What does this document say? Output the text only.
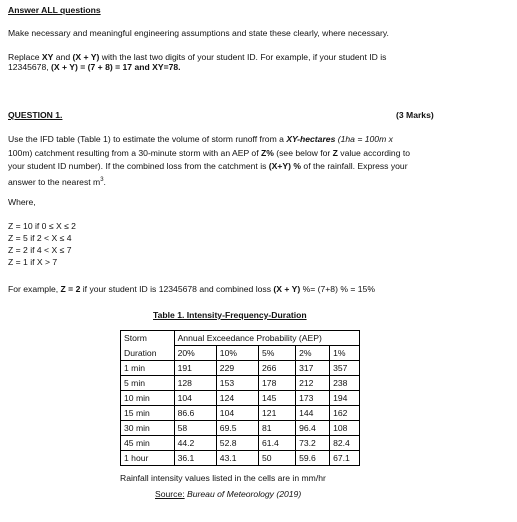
Answer ALL questions

Make necessary and meaningful engineering assumptions and state these clearly, where necessary.

Replace XY and (X + Y) with the last two digits of your student ID. For example, if your student ID is
12345678, (X + Y) = (7 + 8) = 17 and XY=78.

QUESTION 1.	(3 Marks)

Use the IFD table (Table 1) to estimate the volume of storm runoff from a XY-hectares (1ha = 100m x
100m) catchment resulting from a 30-minute storm with an AEP of Z% (see below for Z value according to
your student ID number). If the combined loss from the catchment is (X+Y) % of the rainfall. Express your
answer to the nearest $m^3$.

Where,

Z = 10 if 0 ≤ X ≤ 2
Z = 5 if 2 < X ≤ 4
Z = 2 if 4 < X ≤ 7
Z = 1 if X > 7

For example, Z = 2 if your student ID is 12345678 and combined loss (X + Y) %= (7+8) % = 15%

Table 1. Intensity-Frequency-Duration

Storm	Annual Exceedance Probability (AEP)				
Duration	20%	10%	5%	2%	1%
1 min	191	229	266	317	357
5 min	128	153	178	212	238
10 min	104	124	145	173	194
15 min	86.6	104	121	144	162
30 min	58	69.5	81	96.4	108
45 min	44.2	52.8	61.4	73.2	82.4
1 hour	36.1	43.1	50	59.6	67.1

Rainfall intensity values listed in the cells are in mm/hr

Source: Bureau of Meteorology (2019)
